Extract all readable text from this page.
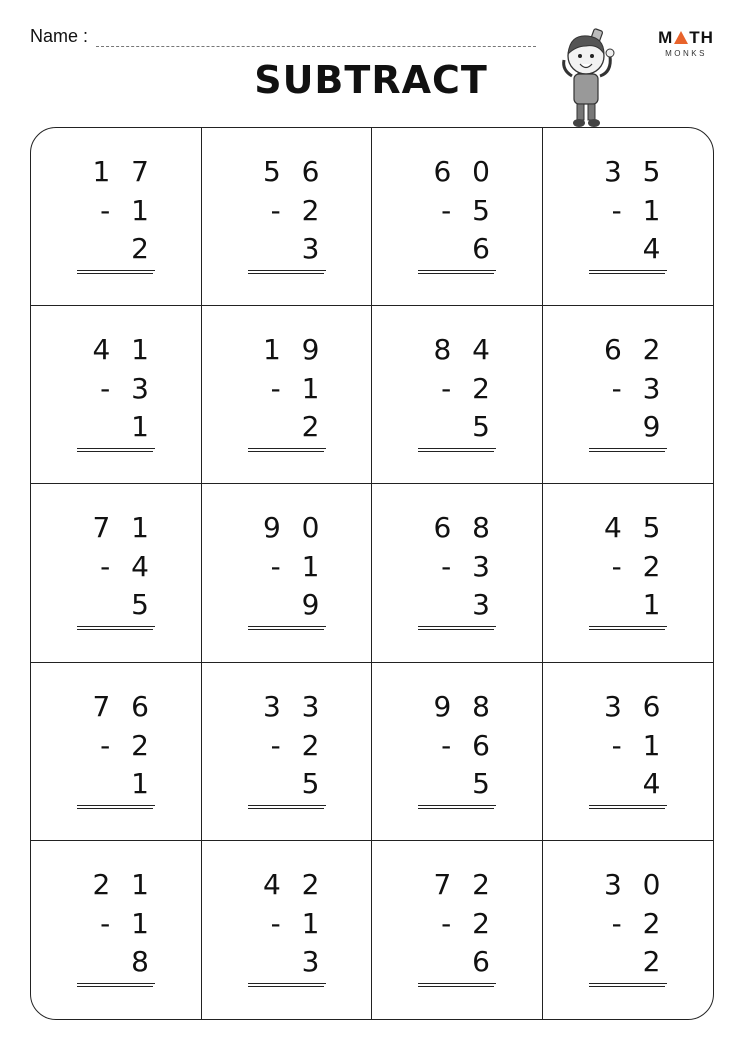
Name :
SUBTRACT
M TH
MONKS
1 7
- 1 2
5 6
- 2 3
6 0
- 5 6
3 5
- 1 4
4 1
- 3 1
1 9
- 1 2
8 4
- 2 5
6 2
- 3 9
7 1
- 4 5
9 0
- 1 9
6 8
- 3 3
4 5
- 2 1
7 6
- 2 1
3 3
- 2 5
9 8
- 6 5
3 6
- 1 4
2 1
- 1 8
4 2
- 1 3
7 2
- 2 6
3 0
- 2 2
